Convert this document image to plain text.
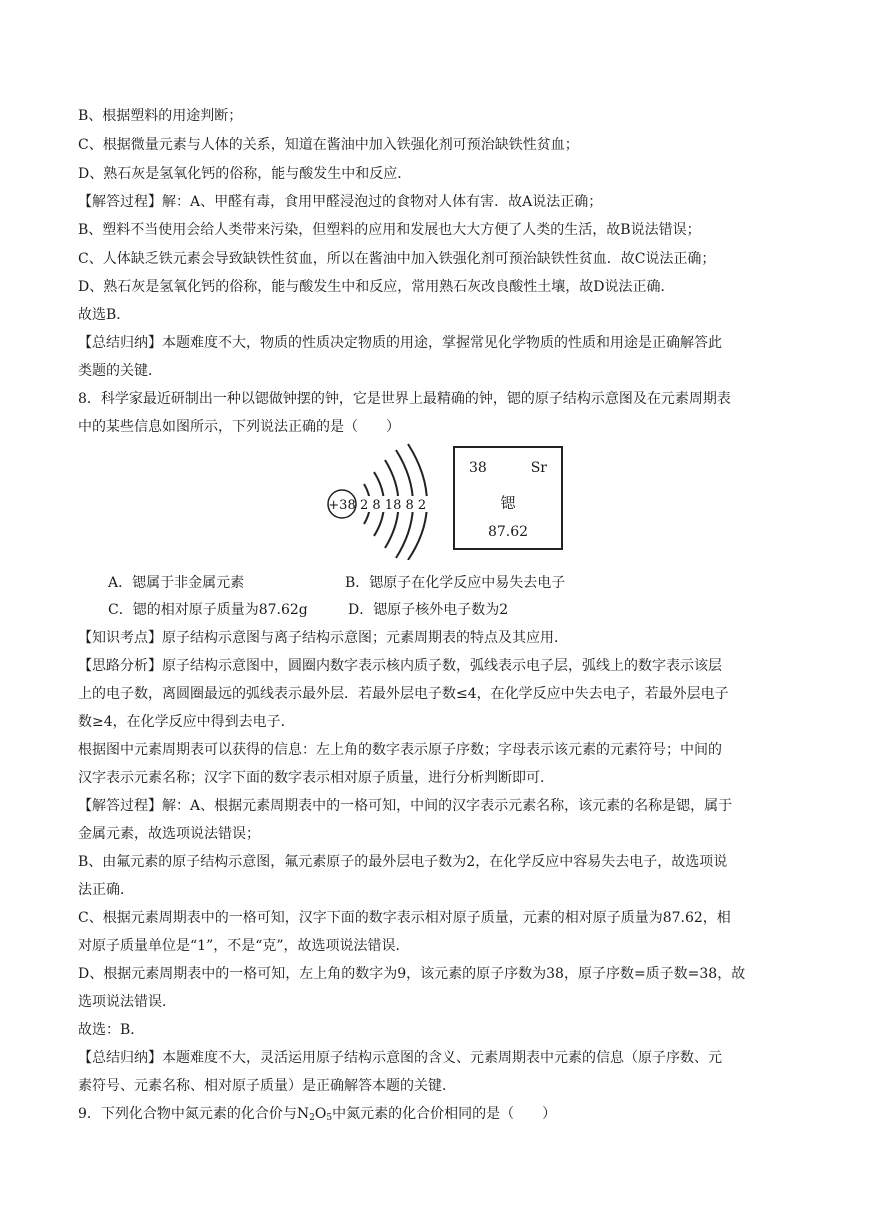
B、根据塑料的用途判断；

C、根据微量元素与人体的关系，知道在酱油中加入铁强化剂可预治缺铁性贫血；

D、熟石灰是氢氧化钙的俗称，能与酸发生中和反应．

【解答过程】解：A、甲醛有毒，食用甲醛浸泡过的食物对人体有害．故A说法正确；

B、塑料不当使用会给人类带来污染，但塑料的应用和发展也大大方便了人类的生活，故B说法错误；

C、人体缺乏铁元素会导致缺铁性贫血，所以在酱油中加入铁强化剂可预治缺铁性贫血．故C说法正确；

D、熟石灰是氢氧化钙的俗称，能与酸发生中和反应，常用熟石灰改良酸性土壤，故D说法正确．

故选B．

【总结归纳】本题难度不大，物质的性质决定物质的用途，掌握常见化学物质的性质和用途是正确解答此

类题的关键．

8．科学家最近研制出一种以锶做钟摆的钟，它是世界上最精确的钟，锶的原子结构示意图及在元素周期表

中的某些信息如图所示，下列说法正确的是（　　）

+38 2 8 18 8 2
38	Sr
锶
87.62

A．锶属于非金属元素	B．锶原子在化学反应中易失去电子

C．锶的相对原子质量为87.62g	D．锶原子核外电子数为2

【知识考点】原子结构示意图与离子结构示意图；元素周期表的特点及其应用．

【思路分析】原子结构示意图中，圆圈内数字表示核内质子数，弧线表示电子层，弧线上的数字表示该层

上的电子数，离圆圈最远的弧线表示最外层．若最外层电子数≤4，在化学反应中失去电子，若最外层电子

数≥4，在化学反应中得到去电子．

根据图中元素周期表可以获得的信息：左上角的数字表示原子序数；字母表示该元素的元素符号；中间的

汉字表示元素名称；汉字下面的数字表示相对原子质量，进行分析判断即可．

【解答过程】解：A、根据元素周期表中的一格可知，中间的汉字表示元素名称，该元素的名称是锶，属于

金属元素，故选项说法错误；

B、由氟元素的原子结构示意图，氟元素原子的最外层电子数为2，在化学反应中容易失去电子，故选项说

法正确．

C、根据元素周期表中的一格可知，汉字下面的数字表示相对原子质量，元素的相对原子质量为87.62，相

对原子质量单位是“1”，不是“克”，故选项说法错误．

D、根据元素周期表中的一格可知，左上角的数字为9，该元素的原子序数为38，原子序数=质子数=38，故

选项说法错误．

故选：B．

【总结归纳】本题难度不大，灵活运用原子结构示意图的含义、元素周期表中元素的信息（原子序数、元

素符号、元素名称、相对原子质量）是正确解答本题的关键．

9．下列化合物中氮元素的化合价与$N_2O_5$中氮元素的化合价相同的是（　　）
